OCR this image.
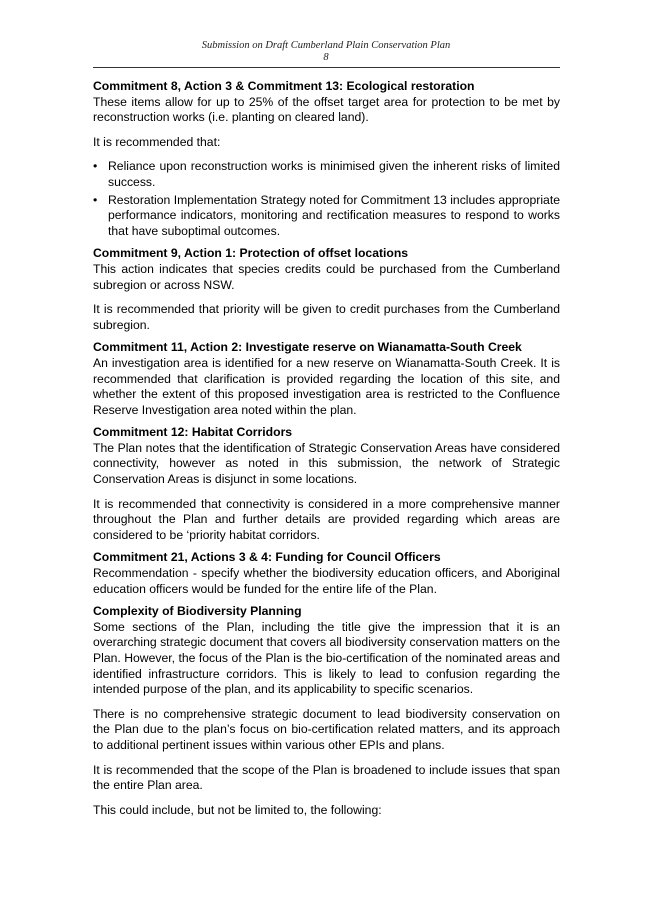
Submission on Draft Cumberland Plain Conservation Plan
8
Commitment 8, Action 3 & Commitment 13: Ecological restoration

These items allow for up to 25% of the offset target area for protection to be met by reconstruction works (i.e. planting on cleared land).

It is recommended that:

• Reliance upon reconstruction works is minimised given the inherent risks of limited success.
• Restoration Implementation Strategy noted for Commitment 13 includes appropriate performance indicators, monitoring and rectification measures to respond to works that have suboptimal outcomes.
Commitment 9, Action 1: Protection of offset locations

This action indicates that species credits could be purchased from the Cumberland subregion or across NSW.

It is recommended that priority will be given to credit purchases from the Cumberland subregion.

Commitment 11, Action 2: Investigate reserve on Wianamatta-South Creek

An investigation area is identified for a new reserve on Wianamatta-South Creek. It is recommended that clarification is provided regarding the location of this site, and whether the extent of this proposed investigation area is restricted to the Confluence Reserve Investigation area noted within the plan.

Commitment 12: Habitat Corridors

The Plan notes that the identification of Strategic Conservation Areas have considered connectivity, however as noted in this submission, the network of Strategic Conservation Areas is disjunct in some locations.

It is recommended that connectivity is considered in a more comprehensive manner throughout the Plan and further details are provided regarding which areas are considered to be ‘priority habitat corridors.

Commitment 21, Actions 3 & 4: Funding for Council Officers

Recommendation - specify whether the biodiversity education officers, and Aboriginal education officers would be funded for the entire life of the Plan.

Complexity of Biodiversity Planning

Some sections of the Plan, including the title give the impression that it is an overarching strategic document that covers all biodiversity conservation matters on the Plan. However, the focus of the Plan is the bio-certification of the nominated areas and identified infrastructure corridors. This is likely to lead to confusion regarding the intended purpose of the plan, and its applicability to specific scenarios.

There is no comprehensive strategic document to lead biodiversity conservation on the Plan due to the plan’s focus on bio-certification related matters, and its approach to additional pertinent issues within various other EPIs and plans.

It is recommended that the scope of the Plan is broadened to include issues that span the entire Plan area.

This could include, but not be limited to, the following:
